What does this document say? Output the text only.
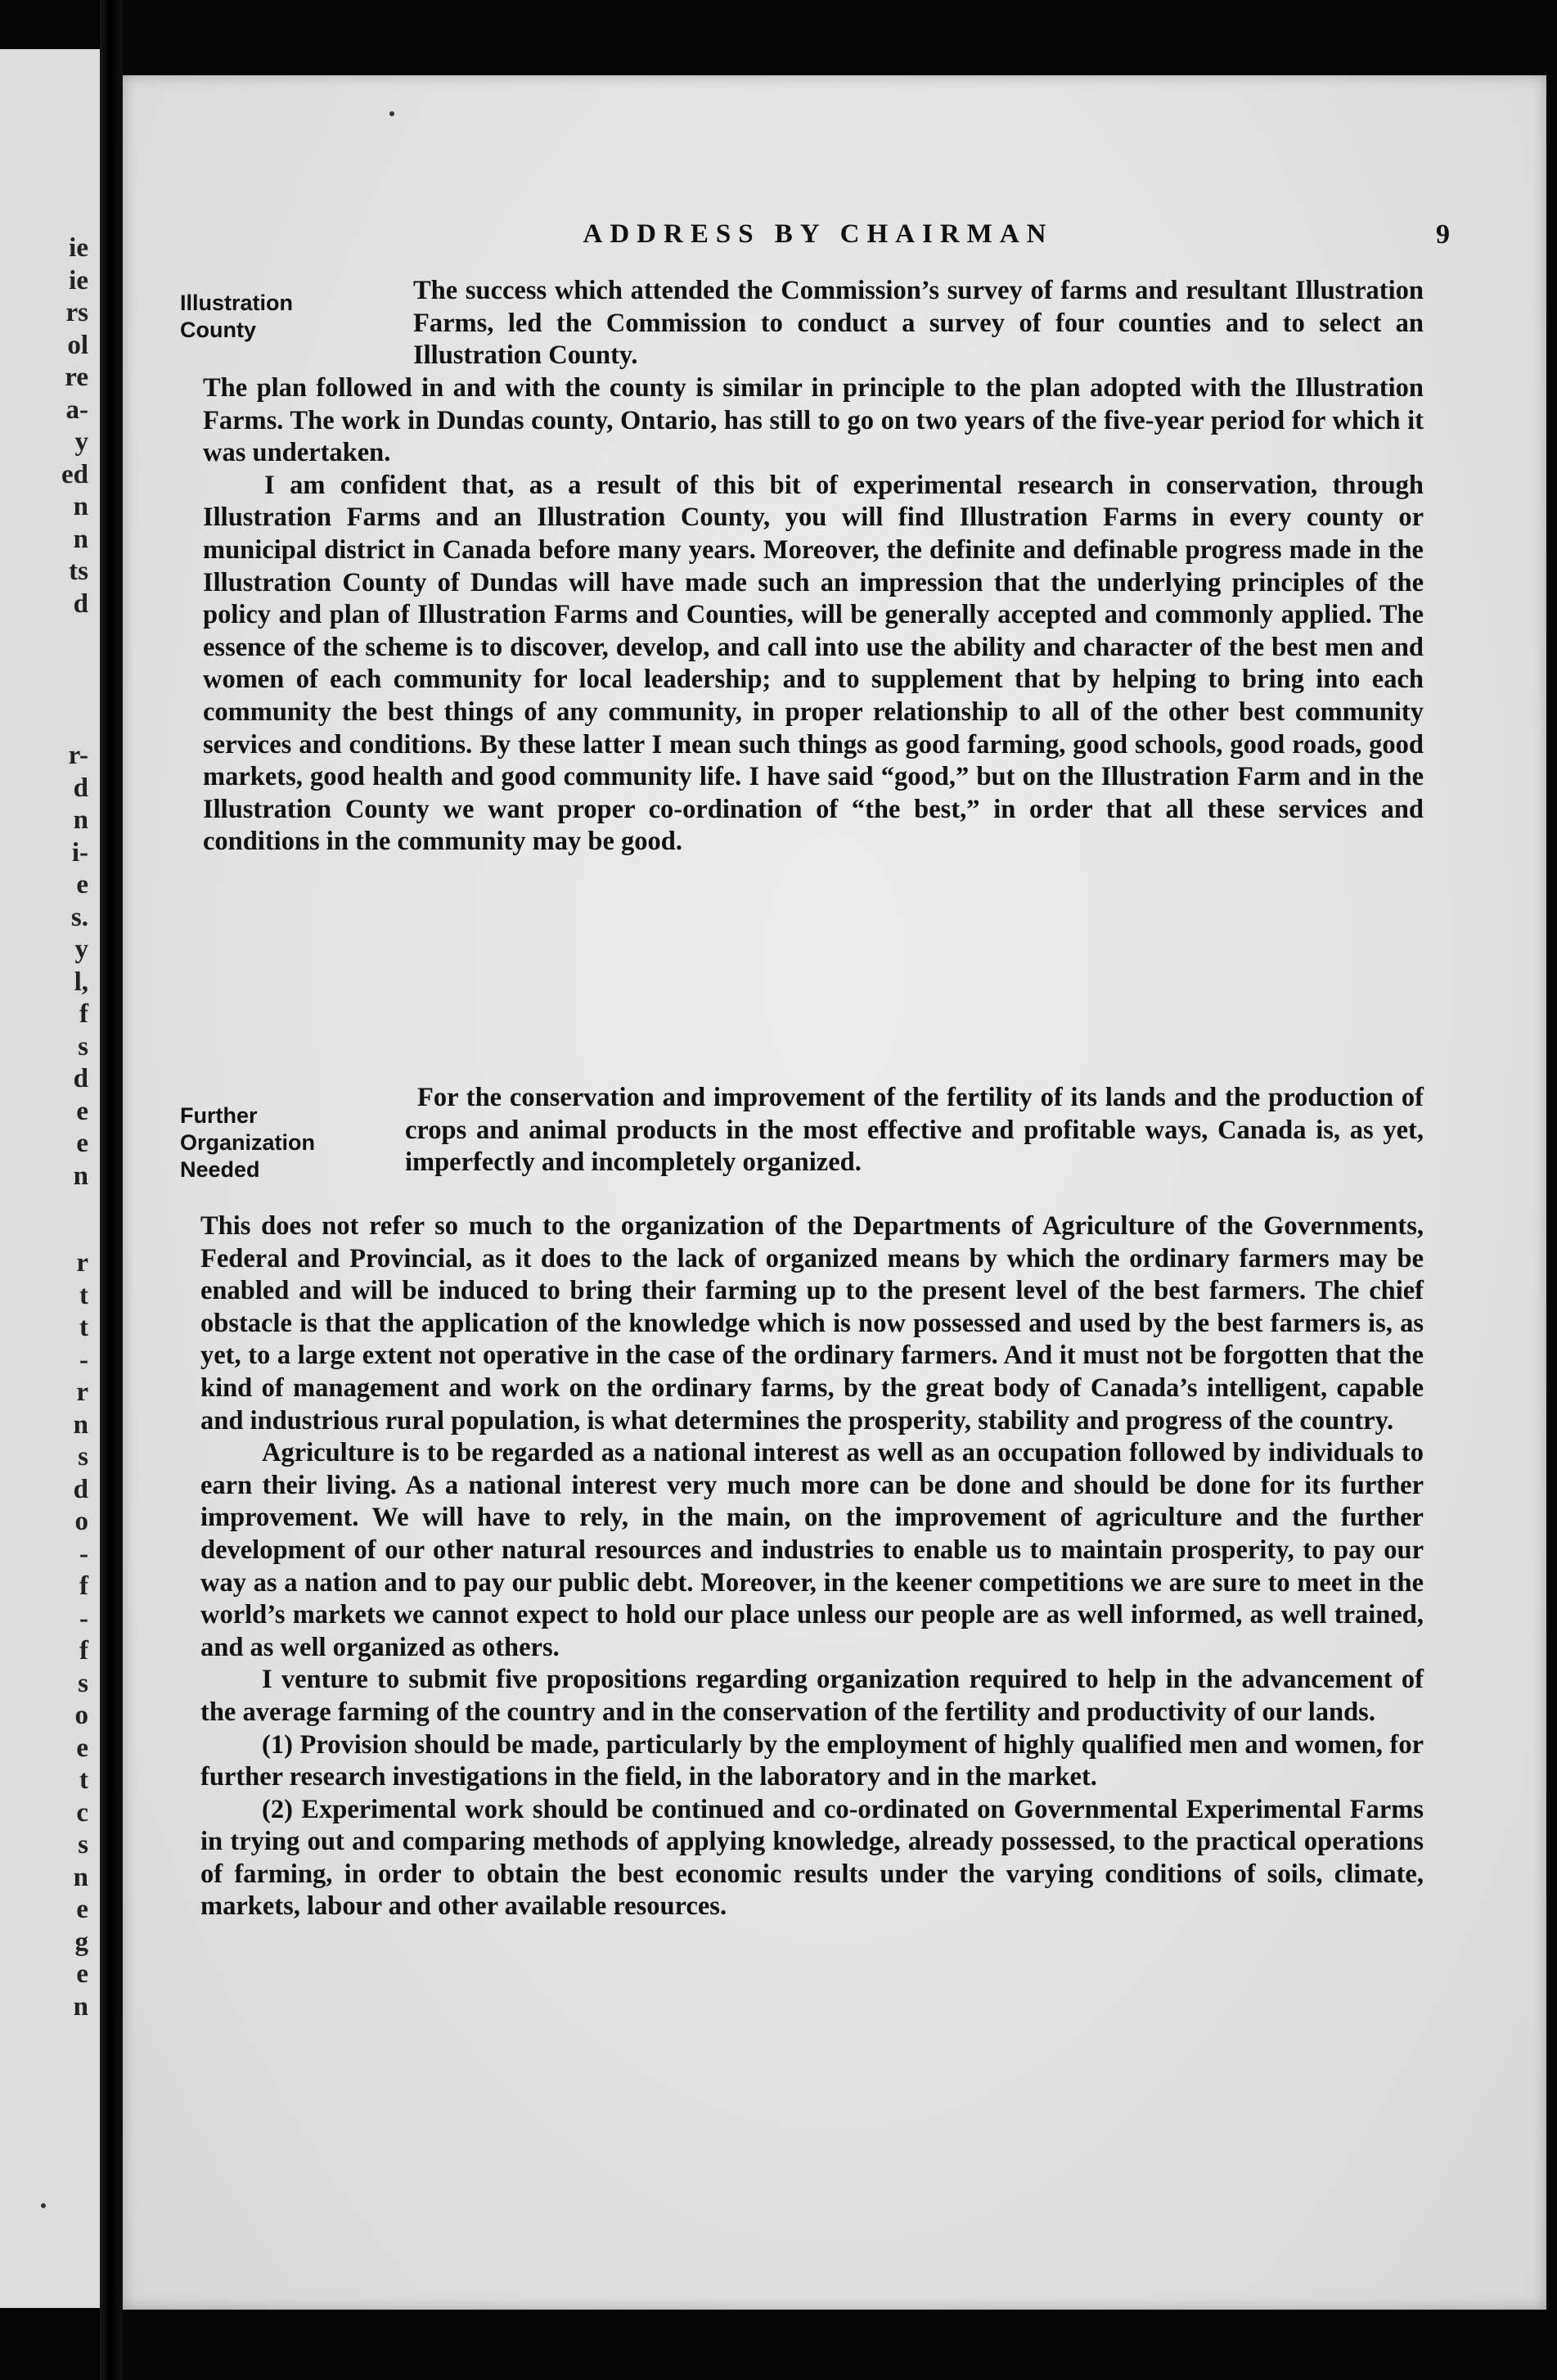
ie
ie
rs
ol
re
a-
y
ed
n
n
ts
d
r-
d
n
i-
e
s.
y
l,
f
s
d
e
e
n
r
t
t
-
r
n
s
d
o
-
f
-
f
s
o
e
t
c
s
n
e
g
e
n
ADDRESS BY CHAIRMAN	9
Illustration
County

The success which attended the Commission’s survey of farms and resultant Illustration Farms, led the Commission to conduct a survey of four counties and to select an Illustration County.

The plan followed in and with the county is similar in principle to the plan adopted with the Illustration Farms. The work in Dundas county, Ontario, has still to go on two years of the five-year period for which it was undertaken.

I am confident that, as a result of this bit of experimental research in conservation, through Illustration Farms and an Illustration County, you will find Illustration Farms in every county or municipal district in Canada before many years. Moreover, the definite and definable progress made in the Illustration County of Dundas will have made such an impression that the underlying principles of the policy and plan of Illustration Farms and Counties, will be generally accepted and commonly applied. The essence of the scheme is to discover, develop, and call into use the ability and character of the best men and women of each community for local leadership; and to supplement that by helping to bring into each community the best things of any community, in proper relationship to all of the other best community services and conditions. By these latter I mean such things as good farming, good schools, good roads, good markets, good health and good community life. I have said “good,” but on the Illustration Farm and in the Illustration County we want proper co-ordination of “the best,” in order that all these services and conditions in the community may be good.

Further
Organization
Needed

For the conservation and improvement of the fertility of its lands and the production of crops and animal products in the most effective and profitable ways, Canada is, as yet, imperfectly and incompletely organized.

This does not refer so much to the organization of the Departments of Agriculture of the Governments, Federal and Provincial, as it does to the lack of organized means by which the ordinary farmers may be enabled and will be induced to bring their farming up to the present level of the best farmers. The chief obstacle is that the application of the knowledge which is now possessed and used by the best farmers is, as yet, to a large extent not operative in the case of the ordinary farmers. And it must not be forgotten that the kind of management and work on the ordinary farms, by the great body of Canada’s intelligent, capable and industrious rural population, is what determines the prosperity, stability and progress of the country.

Agriculture is to be regarded as a national interest as well as an occupation followed by individuals to earn their living. As a national interest very much more can be done and should be done for its further improvement. We will have to rely, in the main, on the improvement of agriculture and the further development of our other natural resources and industries to enable us to maintain prosperity, to pay our way as a nation and to pay our public debt. Moreover, in the keener competitions we are sure to meet in the world’s markets we cannot expect to hold our place unless our people are as well informed, as well trained, and as well organized as others.

I venture to submit five propositions regarding organization required to help in the advancement of the average farming of the country and in the conservation of the fertility and productivity of our lands.

(1) Provision should be made, particularly by the employment of highly qualified men and women, for further research investigations in the field, in the laboratory and in the market.

(2) Experimental work should be continued and co-ordinated on Governmental Experimental Farms in trying out and comparing methods of applying knowledge, already possessed, to the practical operations of farming, in order to obtain the best economic results under the varying conditions of soils, climate, markets, labour and other available resources.
